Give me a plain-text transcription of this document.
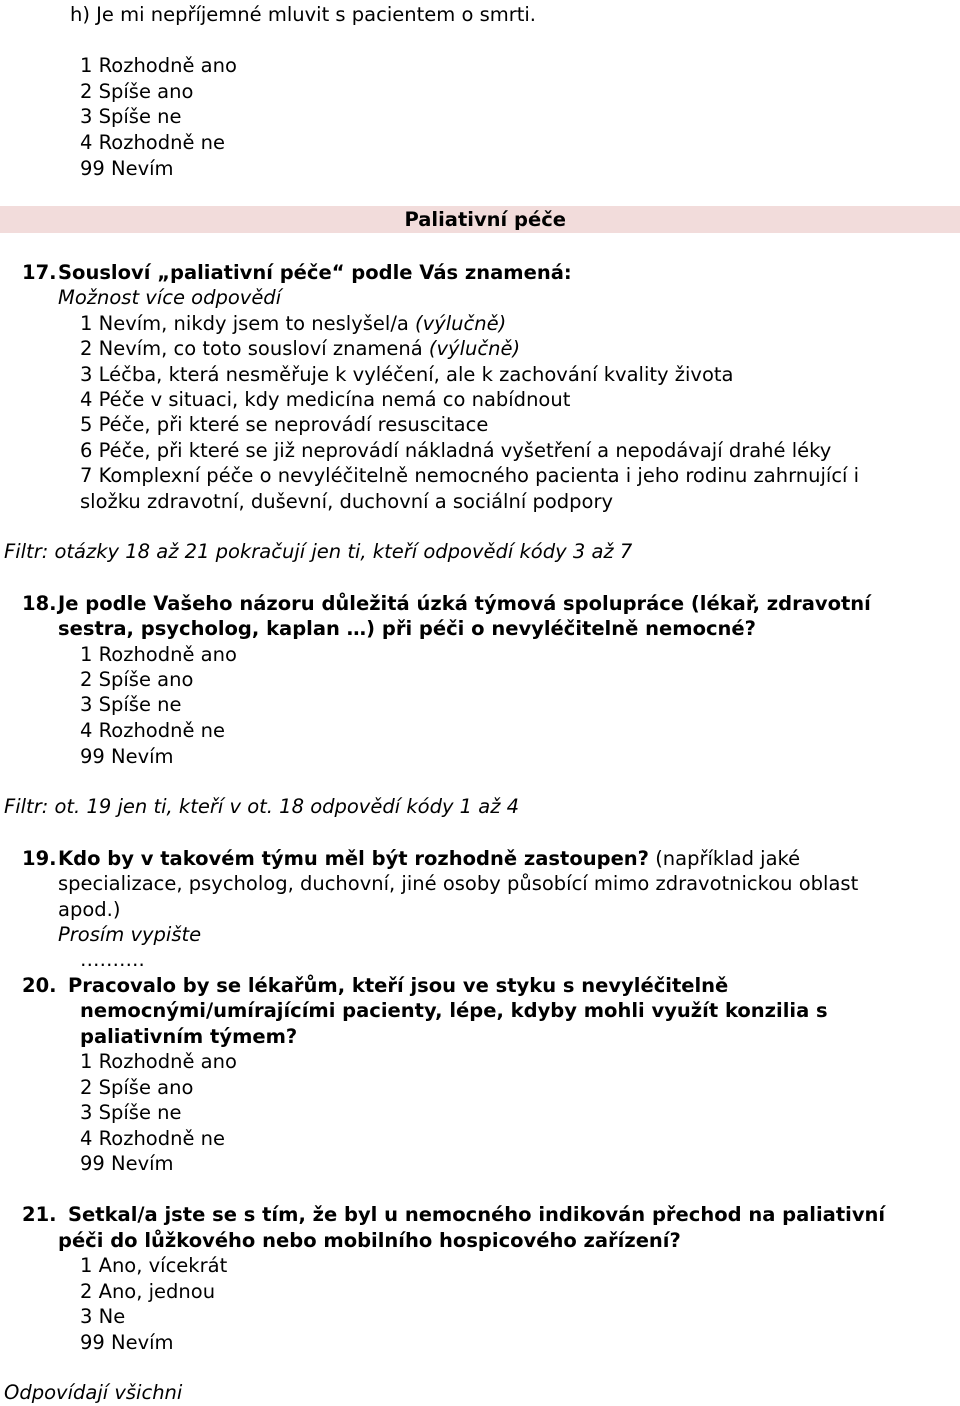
h) Je mi nepříjemné mluvit s pacientem o smrti.
1 Rozhodně ano
2 Spíše ano
3 Spíše ne
4 Rozhodně ne
99 Nevím
Paliativní péče
17. Sousloví „paliativní péče“ podle Vás znamená:
Možnost více odpovědí
1 Nevím, nikdy jsem to neslyšel/a (výlučně)
2 Nevím, co toto sousloví znamená (výlučně)
3 Léčba, která nesměřuje k vyléčení, ale k zachování kvality života
4 Péče v situaci, kdy medicína nemá co nabídnout
5 Péče, při které se neprovádí resuscitace
6 Péče, při které se již neprovádí nákladná vyšetření a nepodávají drahé léky
7 Komplexní péče o nevyléčitelně nemocného pacienta i jeho rodinu zahrnující i
složku zdravotní, duševní, duchovní a sociální podpory
Filtr: otázky 18 až 21 pokračují jen ti, kteří odpovědí kódy 3 až 7
18. Je podle Vašeho názoru důležitá úzká týmová spolupráce (lékař, zdravotní
sestra, psycholog, kaplan …) při péči o nevyléčitelně nemocné?
1 Rozhodně ano
2 Spíše ano
3 Spíše ne
4 Rozhodně ne
99 Nevím
Filtr: ot. 19 jen ti, kteří v ot. 18 odpovědí kódy 1 až 4
19. Kdo by v takovém týmu měl být rozhodně zastoupen? (například jaké
specializace, psycholog, duchovní, jiné osoby působící mimo zdravotnickou oblast
apod.)
Prosím vypište
……….
20. Pracovalo by se lékařům, kteří jsou ve styku s nevyléčitelně
nemocnými/umírajícími pacienty, lépe, kdyby mohli využít konzilia s
paliativním týmem?
1 Rozhodně ano
2 Spíše ano
3 Spíše ne
4 Rozhodně ne
99 Nevím
21. Setkal/a jste se s tím, že byl u nemocného indikován přechod na paliativní
péči do lůžkového nebo mobilního hospicového zařízení?
1 Ano, vícekrát
2 Ano, jednou
3 Ne
99 Nevím
Odpovídají všichni
